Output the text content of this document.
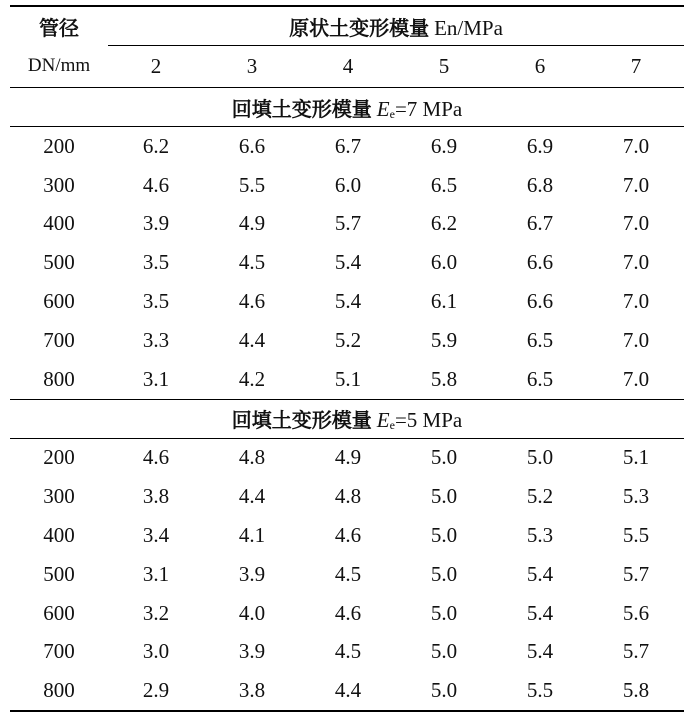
管径	原状土变形模量 En/MPa					
DN/mm	2	3	4	5	6	7
回填土变形模量 $E_e=7$ MPa						
200	6.2	6.6	6.7	6.9	6.9	7.0
300	4.6	5.5	6.0	6.5	6.8	7.0
400	3.9	4.9	5.7	6.2	6.7	7.0
500	3.5	4.5	5.4	6.0	6.6	7.0
600	3.5	4.6	5.4	6.1	6.6	7.0
700	3.3	4.4	5.2	5.9	6.5	7.0
800	3.1	4.2	5.1	5.8	6.5	7.0
回填土变形模量 $E_e=5$ MPa						
200	4.6	4.8	4.9	5.0	5.0	5.1
300	3.8	4.4	4.8	5.0	5.2	5.3
400	3.4	4.1	4.6	5.0	5.3	5.5
500	3.1	3.9	4.5	5.0	5.4	5.7
600	3.2	4.0	4.6	5.0	5.4	5.6
700	3.0	3.9	4.5	5.0	5.4	5.7
800	2.9	3.8	4.4	5.0	5.5	5.8
